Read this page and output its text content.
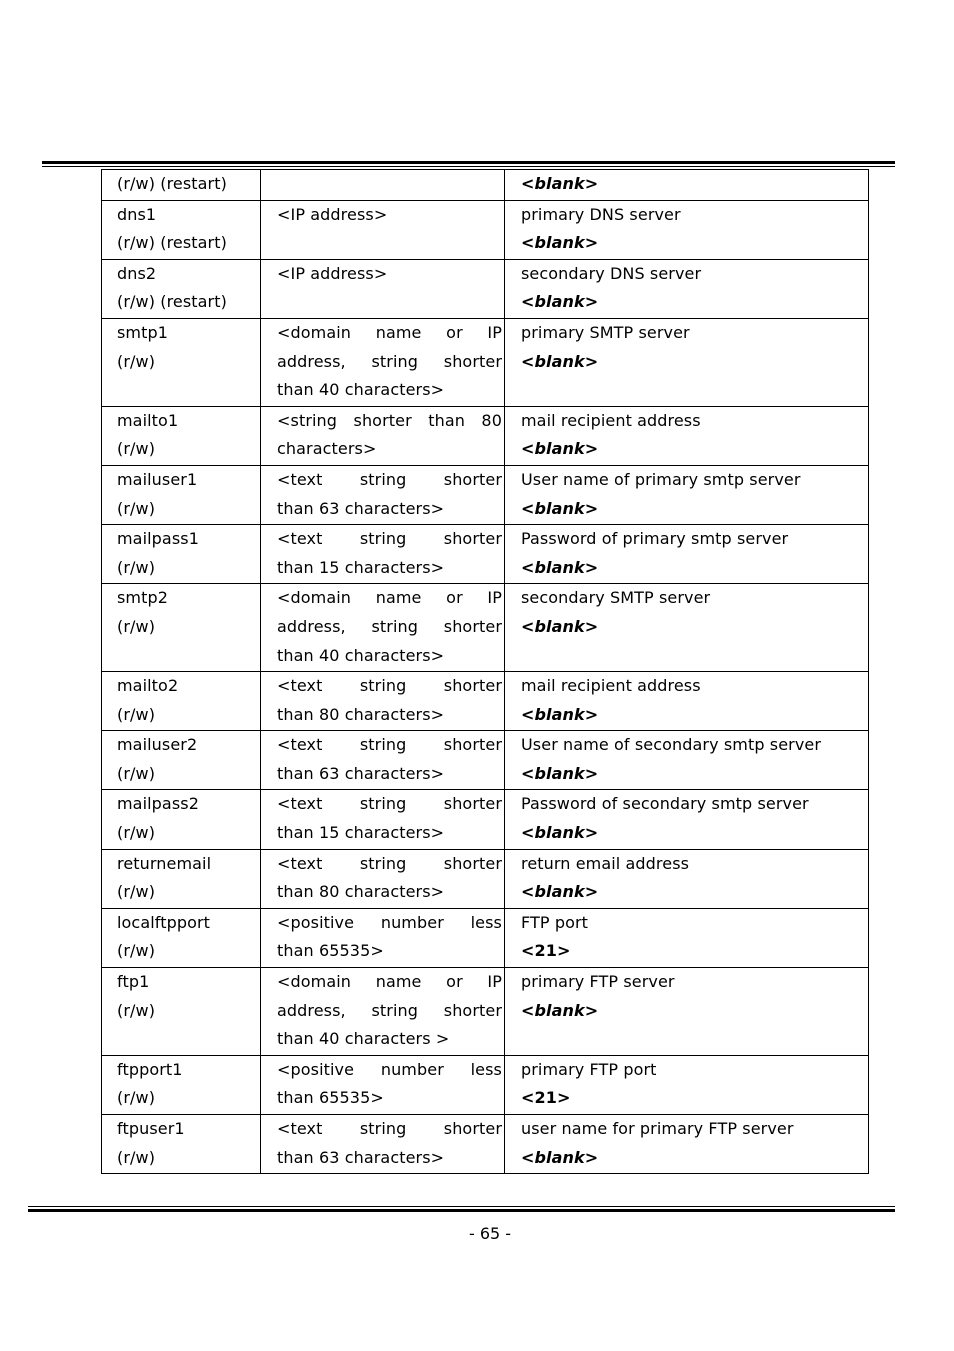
(r/w) (restart)		<blank>

dns1
(r/w) (restart)	<IP address>	primary DNS server
<blank>

dns2
(r/w) (restart)	<IP address>	secondary DNS server
<blank>

smtp1
(r/w)	<domain name or IP
address, string shorter
than 40 characters>	primary SMTP server
<blank>

mailto1
(r/w)	<string shorter than 80
characters>	mail recipient address
<blank>

mailuser1
(r/w)	<text string shorter
than 63 characters>	User name of primary smtp server
<blank>

mailpass1
(r/w)	<text string shorter
than 15 characters>	Password of primary smtp server
<blank>

smtp2
(r/w)	<domain name or IP
address, string shorter
than 40 characters>	secondary SMTP server
<blank>

mailto2
(r/w)	<text string shorter
than 80 characters>	mail recipient address
<blank>

mailuser2
(r/w)	<text string shorter
than 63 characters>	User name of secondary smtp server
<blank>

mailpass2
(r/w)	<text string shorter
than 15 characters>	Password of secondary smtp server
<blank>

returnemail
(r/w)	<text string shorter
than 80 characters>	return email address
<blank>

localftpport
(r/w)	<positive number less
than 65535>	FTP port
<21>

ftp1
(r/w)	<domain name or IP
address, string shorter
than 40 characters >	primary FTP server
<blank>

ftpport1
(r/w)	<positive number less
than 65535>	primary FTP port
<21>

ftpuser1
(r/w)	<text string shorter
than 63 characters>	user name for primary FTP server
<blank>
- 65 -
